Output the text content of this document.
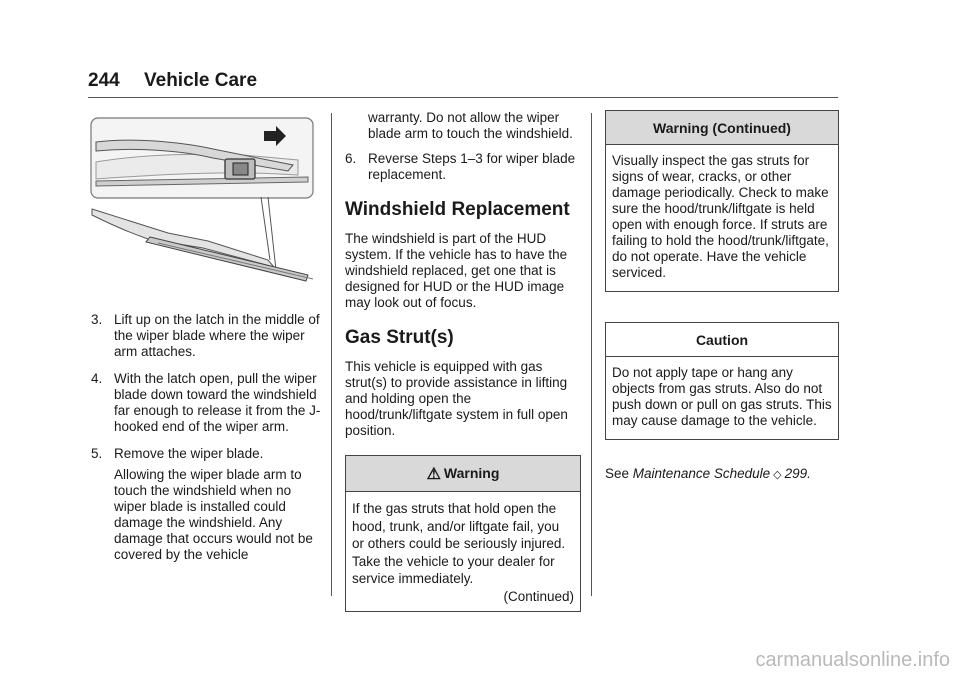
244 Vehicle Care
3. Lift up on the latch in the middle of the wiper blade where the wiper arm attaches.
4. With the latch open, pull the wiper blade down toward the windshield far enough to release it from the J-hooked end of the wiper arm.
5. Remove the wiper blade.
Allowing the wiper blade arm to touch the windshield when no wiper blade is installed could damage the windshield. Any damage that occurs would not be covered by the vehicle
warranty. Do not allow the wiper blade arm to touch the windshield.
6. Reverse Steps 1–3 for wiper blade replacement.
Windshield Replacement

The windshield is part of the HUD system. If the vehicle has to have the windshield replaced, get one that is designed for HUD or the HUD image may look out of focus.

Gas Strut(s)

This vehicle is equipped with gas strut(s) to provide assistance in lifting and holding open the hood/trunk/liftgate system in full open position.

⚠ Warning
If the gas struts that hold open the hood, trunk, and/or liftgate fail, you or others could be seriously injured. Take the vehicle to your dealer for service immediately.
(Continued)
Warning (Continued)
Visually inspect the gas struts for signs of wear, cracks, or other damage periodically. Check to make sure the hood/trunk/liftgate is held open with enough force. If struts are failing to hold the hood/trunk/liftgate, do not operate. Have the vehicle serviced.
Caution
Do not apply tape or hang any objects from gas struts. Also do not push down or pull on gas struts. This may cause damage to the vehicle.
See Maintenance Schedule ◇ 299.
carmanualsonline.info
